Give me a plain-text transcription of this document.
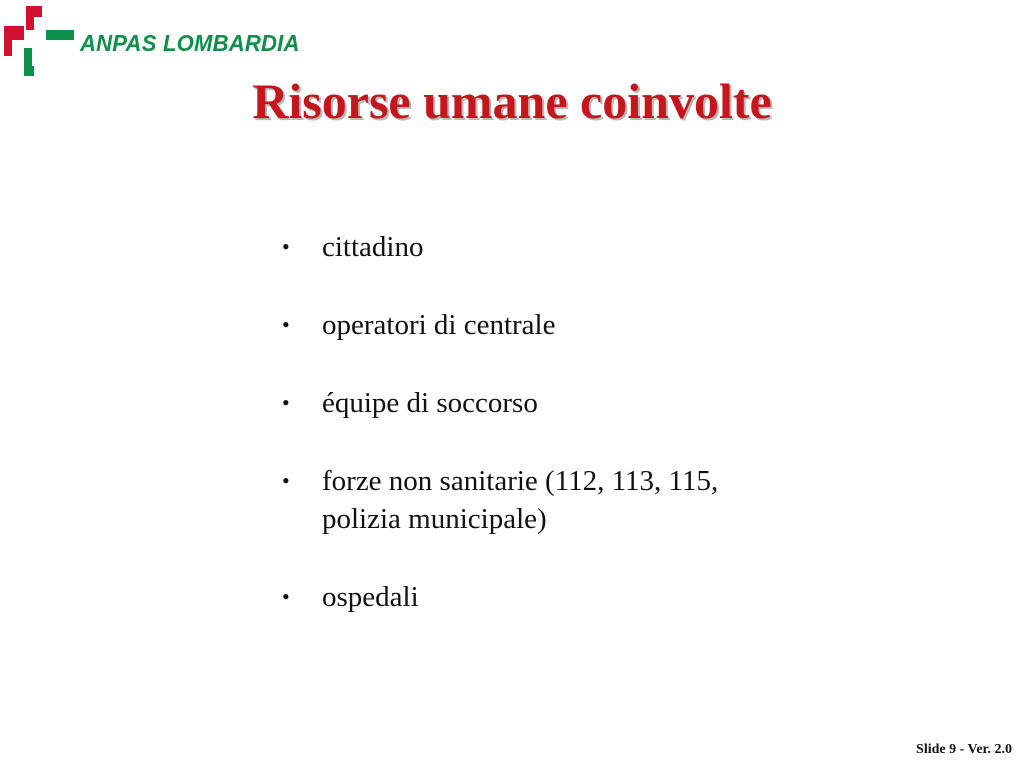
ANPAS LOMBARDIA
Risorse umane coinvolte
• cittadino
• operatori di centrale
• équipe di soccorso
• forze non sanitarie (112, 113, 115, polizia municipale)
• ospedali
Slide 9 - Ver. 2.0
